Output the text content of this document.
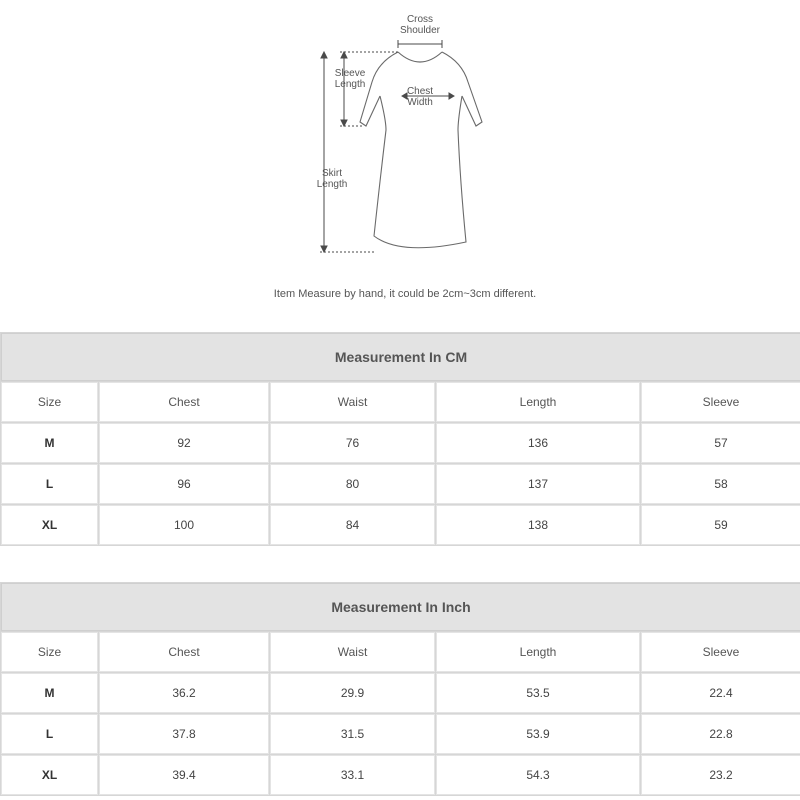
Cross
Shoulder
Sleeve
Length
Chest
Width
Skirt
Length
Item Measure by hand, it could be 2cm~3cm different.
Measurement In CM				
Size	Chest	Waist	Length	Sleeve
M	92	76	136	57
L	96	80	137	58
XL	100	84	138	59
Measurement In Inch				
Size	Chest	Waist	Length	Sleeve
M	36.2	29.9	53.5	22.4
L	37.8	31.5	53.9	22.8
XL	39.4	33.1	54.3	23.2
